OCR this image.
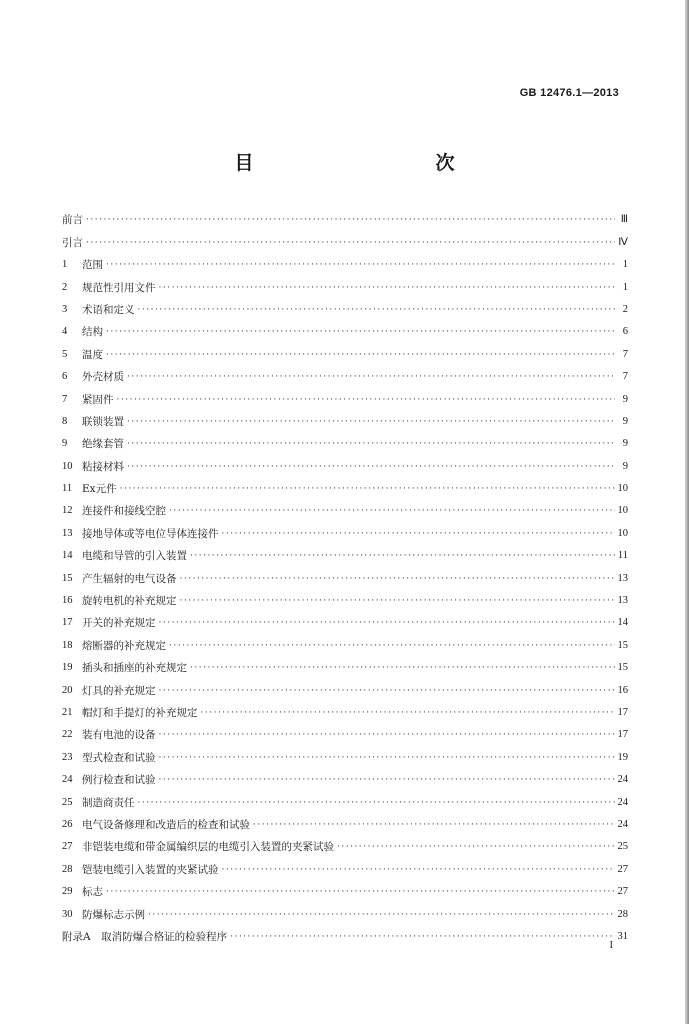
GB 12476.1—2013
目　　次
前言 ·····	Ⅲ
引言 ·····	Ⅳ
1	范围 ·····	1
2	规范性引用文件 ·····	1
3	术语和定义 ·····	2
4	结构 ·····	6
5	温度 ·····	7
6	外壳材质 ·····	7
7	紧固件 ·····	9
8	联锁装置 ·····	9
9	绝缘套管 ·····	9
10 粘接材料 ·····	9
11 Ex元件 ·····	10
12 连接件和接线空腔 ·····	10
13 接地导体或等电位导体连接件 ·····	10
14 电缆和导管的引入装置 ·····	11
15 产生辐射的电气设备 ·····	13
16 旋转电机的补充规定 ·····	13
17 开关的补充规定 ·····	14
18 熔断器的补充规定 ·····	15
19 插头和插座的补充规定 ·····	15
20 灯具的补充规定 ·····	16
21 帽灯和手提灯的补充规定 ·····	17
22 装有电池的设备 ·····	17
23 型式检查和试验 ·····	19
24 例行检查和试验 ·····	24
25 制造商责任 ·····	24
26 电气设备修理和改造后的检查和试验 ·····	24
27 非铠装电缆和带金属编织层的电缆引入装置的夹紧试验 ·····	25
28 铠装电缆引入装置的夹紧试验 ·····	27
29 标志 ·····	27
30 防爆标志示例 ·····	28
附录A　取消防爆合格证的检验程序 ·····	31
I
